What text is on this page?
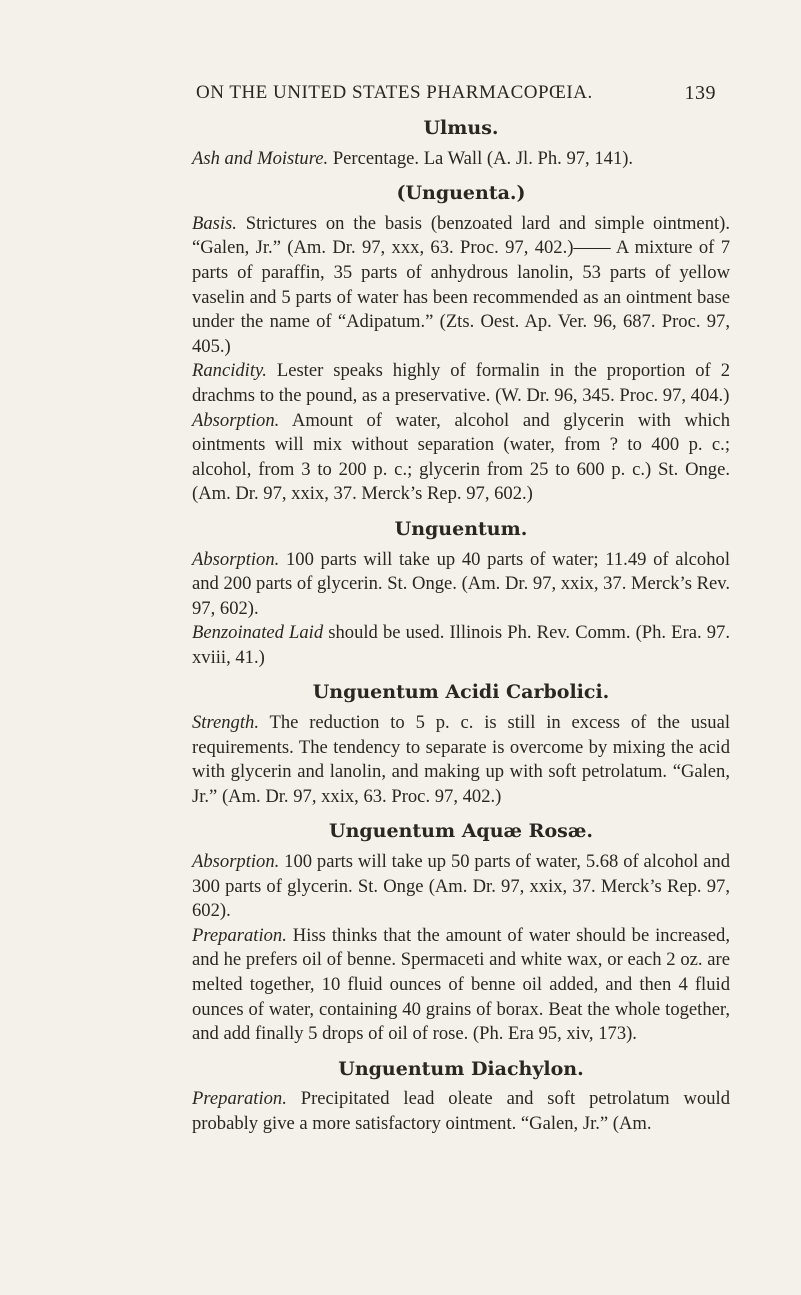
ON THE UNITED STATES PHARMACOPŒIA.	139
Ulmus.

Ash and Moisture. Percentage. La Wall (A. Jl. Ph. 97, 141).

(Unguenta.)

Basis. Strictures on the basis (benzoated lard and simple ointment). “Galen, Jr.” (Am. Dr. 97, xxx, 63. Proc. 97, 402.)—— A mixture of 7 parts of paraffin, 35 parts of anhydrous lanolin, 53 parts of yellow vaselin and 5 parts of water has been recommended as an ointment base under the name of “Adipatum.” (Zts. Oest. Ap. Ver. 96, 687. Proc. 97, 405.)

Rancidity. Lester speaks highly of formalin in the proportion of 2 drachms to the pound, as a preservative. (W. Dr. 96, 345. Proc. 97, 404.)

Absorption. Amount of water, alcohol and glycerin with which ointments will mix without separation (water, from ? to 400 p. c.; alcohol, from 3 to 200 p. c.; glycerin from 25 to 600 p. c.) St. Onge. (Am. Dr. 97, xxix, 37. Merck’s Rep. 97, 602.)

Unguentum.

Absorption. 100 parts will take up 40 parts of water; 11.49 of alcohol and 200 parts of glycerin. St. Onge. (Am. Dr. 97, xxix, 37. Merck’s Rev. 97, 602).

Benzoinated Laid should be used. Illinois Ph. Rev. Comm. (Ph. Era. 97. xviii, 41.)

Unguentum Acidi Carbolici.

Strength. The reduction to 5 p. c. is still in excess of the usual requirements. The tendency to separate is overcome by mixing the acid with glycerin and lanolin, and making up with soft petrolatum. “Galen, Jr.” (Am. Dr. 97, xxix, 63. Proc. 97, 402.)

Unguentum Aquæ Rosæ.

Absorption. 100 parts will take up 50 parts of water, 5.68 of alcohol and 300 parts of glycerin. St. Onge (Am. Dr. 97, xxix, 37. Merck’s Rep. 97, 602).

Preparation. Hiss thinks that the amount of water should be increased, and he prefers oil of benne. Spermaceti and white wax, or each 2 oz. are melted together, 10 fluid ounces of benne oil added, and then 4 fluid ounces of water, containing 40 grains of borax. Beat the whole together, and add finally 5 drops of oil of rose. (Ph. Era 95, xiv, 173).

Unguentum Diachylon.

Preparation. Precipitated lead oleate and soft petrolatum would probably give a more satisfactory ointment. “Galen, Jr.” (Am.
